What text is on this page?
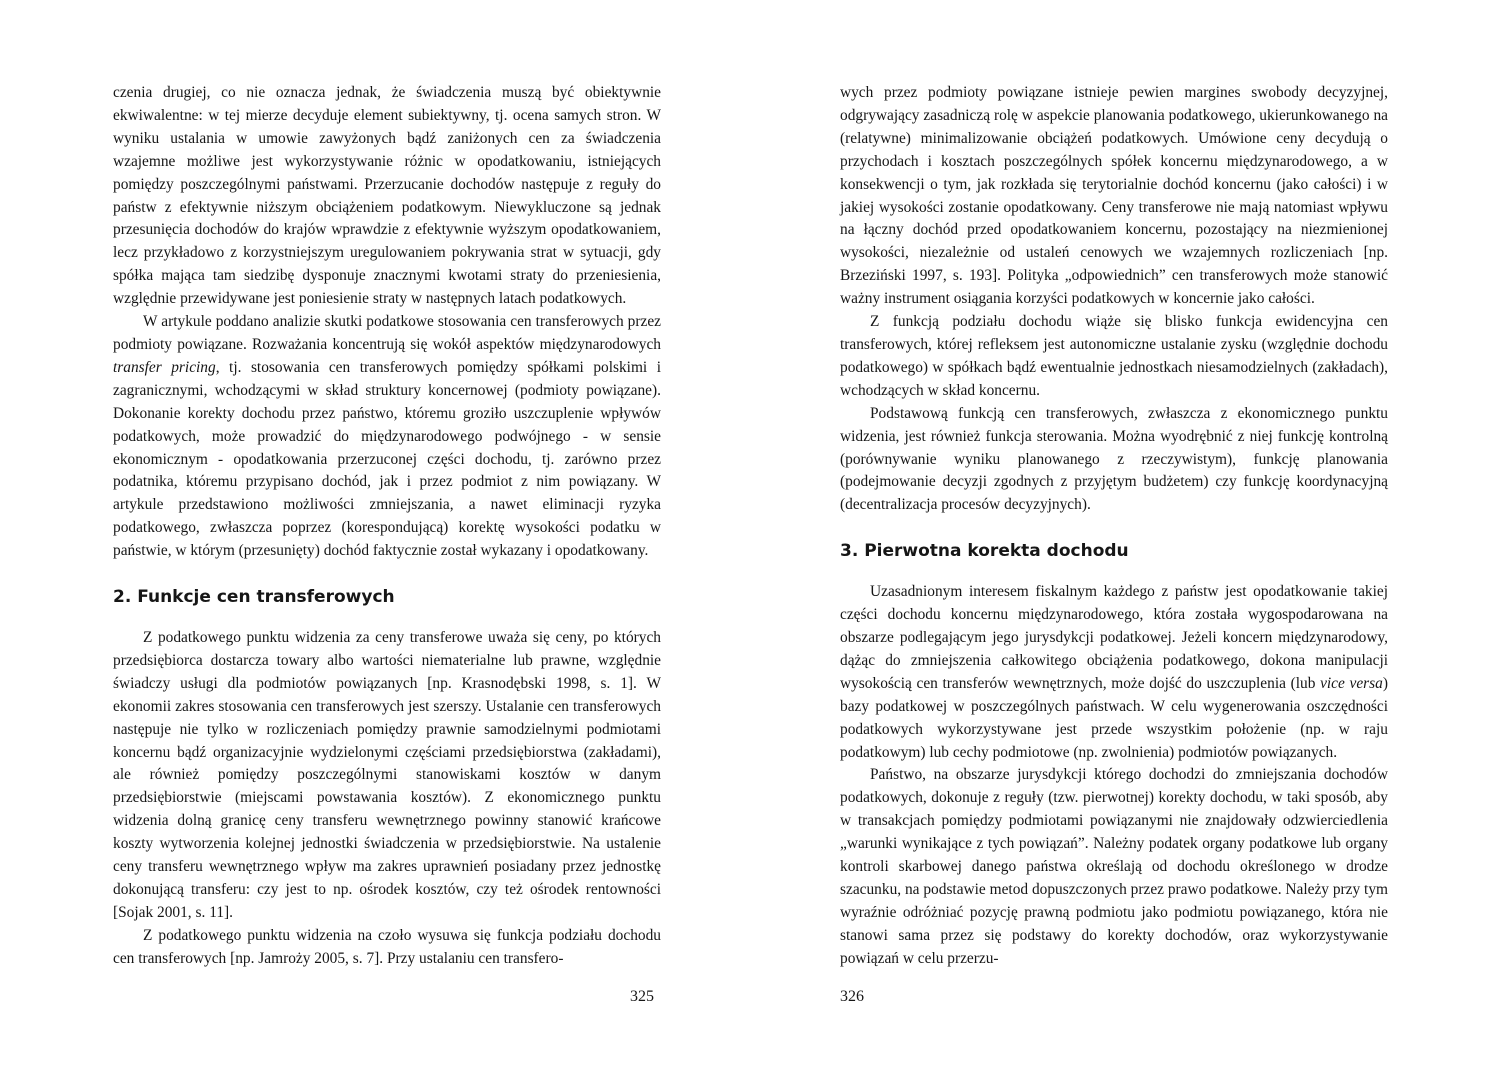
czenia drugiej, co nie oznacza jednak, że świadczenia muszą być obiektywnie ekwiwalentne: w tej mierze decyduje element subiektywny, tj. ocena samych stron. W wyniku ustalania w umowie zawyżonych bądź zaniżonych cen za świadczenia wzajemne możliwe jest wykorzystywanie różnic w opodatkowaniu, istniejących pomiędzy poszczególnymi państwami. Przerzucanie dochodów następuje z reguły do państw z efektywnie niższym obciążeniem podatkowym. Niewykluczone są jednak przesunięcia dochodów do krajów wprawdzie z efektywnie wyższym opodatkowaniem, lecz przykładowo z korzystniejszym uregulowaniem pokrywania strat w sytuacji, gdy spółka mająca tam siedzibę dysponuje znacznymi kwotami straty do przeniesienia, względnie przewidywane jest poniesienie straty w następnych latach podatkowych.

W artykule poddano analizie skutki podatkowe stosowania cen transferowych przez podmioty powiązane. Rozważania koncentrują się wokół aspektów międzynarodowych transfer pricing, tj. stosowania cen transferowych pomiędzy spółkami polskimi i zagranicznymi, wchodzącymi w skład struktury koncernowej (podmioty powiązane). Dokonanie korekty dochodu przez państwo, któremu groziło uszczuplenie wpływów podatkowych, może prowadzić do międzynarodowego podwójnego - w sensie ekonomicznym - opodatkowania przerzuconej części dochodu, tj. zarówno przez podatnika, któremu przypisano dochód, jak i przez podmiot z nim powiązany. W artykule przedstawiono możliwości zmniejszania, a nawet eliminacji ryzyka podatkowego, zwłaszcza poprzez (korespondującą) korektę wysokości podatku w państwie, w którym (przesunięty) dochód faktycznie został wykazany i opodatkowany.

2. Funkcje cen transferowych

Z podatkowego punktu widzenia za ceny transferowe uważa się ceny, po których przedsiębiorca dostarcza towary albo wartości niematerialne lub prawne, względnie świadczy usługi dla podmiotów powiązanych [np. Krasnodębski 1998, s. 1]. W ekonomii zakres stosowania cen transferowych jest szerszy. Ustalanie cen transferowych następuje nie tylko w rozliczeniach pomiędzy prawnie samodzielnymi podmiotami koncernu bądź organizacyjnie wydzielonymi częściami przedsiębiorstwa (zakładami), ale również pomiędzy poszczególnymi stanowiskami kosztów w danym przedsiębiorstwie (miejscami powstawania kosztów). Z ekonomicznego punktu widzenia dolną granicę ceny transferu wewnętrznego powinny stanowić krańcowe koszty wytworzenia kolejnej jednostki świadczenia w przedsiębiorstwie. Na ustalenie ceny transferu wewnętrznego wpływ ma zakres uprawnień posiadany przez jednostkę dokonującą transferu: czy jest to np. ośrodek kosztów, czy też ośrodek rentowności [Sojak 2001, s. 11].

Z podatkowego punktu widzenia na czoło wysuwa się funkcja podziału dochodu cen transferowych [np. Jamroży 2005, s. 7]. Przy ustalaniu cen transfero-

325

wych przez podmioty powiązane istnieje pewien margines swobody decyzyjnej, odgrywający zasadniczą rolę w aspekcie planowania podatkowego, ukierunkowanego na (relatywne) minimalizowanie obciążeń podatkowych. Umówione ceny decydują o przychodach i kosztach poszczególnych spółek koncernu międzynarodowego, a w konsekwencji o tym, jak rozkłada się terytorialnie dochód koncernu (jako całości) i w jakiej wysokości zostanie opodatkowany. Ceny transferowe nie mają natomiast wpływu na łączny dochód przed opodatkowaniem koncernu, pozostający na niezmienionej wysokości, niezależnie od ustaleń cenowych we wzajemnych rozliczeniach [np. Brzeziński 1997, s. 193]. Polityka „odpowiednich” cen transferowych może stanowić ważny instrument osiągania korzyści podatkowych w koncernie jako całości.

Z funkcją podziału dochodu wiąże się blisko funkcja ewidencyjna cen transferowych, której refleksem jest autonomiczne ustalanie zysku (względnie dochodu podatkowego) w spółkach bądź ewentualnie jednostkach niesamodzielnych (zakładach), wchodzących w skład koncernu.

Podstawową funkcją cen transferowych, zwłaszcza z ekonomicznego punktu widzenia, jest również funkcja sterowania. Można wyodrębnić z niej funkcję kontrolną (porównywanie wyniku planowanego z rzeczywistym), funkcję planowania (podejmowanie decyzji zgodnych z przyjętym budżetem) czy funkcję koordynacyjną (decentralizacja procesów decyzyjnych).

3. Pierwotna korekta dochodu

Uzasadnionym interesem fiskalnym każdego z państw jest opodatkowanie takiej części dochodu koncernu międzynarodowego, która została wygospodarowana na obszarze podlegającym jego jurysdykcji podatkowej. Jeżeli koncern międzynarodowy, dążąc do zmniejszenia całkowitego obciążenia podatkowego, dokona manipulacji wysokością cen transferów wewnętrznych, może dojść do uszczuplenia (lub vice versa) bazy podatkowej w poszczególnych państwach. W celu wygenerowania oszczędności podatkowych wykorzystywane jest przede wszystkim położenie (np. w raju podatkowym) lub cechy podmiotowe (np. zwolnienia) podmiotów powiązanych.

Państwo, na obszarze jurysdykcji którego dochodzi do zmniejszania dochodów podatkowych, dokonuje z reguły (tzw. pierwotnej) korekty dochodu, w taki sposób, aby w transakcjach pomiędzy podmiotami powiązanymi nie znajdowały odzwierciedlenia „warunki wynikające z tych powiązań”. Należny podatek organy podatkowe lub organy kontroli skarbowej danego państwa określają od dochodu określonego w drodze szacunku, na podstawie metod dopuszczonych przez prawo podatkowe. Należy przy tym wyraźnie odróżniać pozycję prawną podmiotu jako podmiotu powiązanego, która nie stanowi sama przez się podstawy do korekty dochodów, oraz wykorzystywanie powiązań w celu przerzu-

326
